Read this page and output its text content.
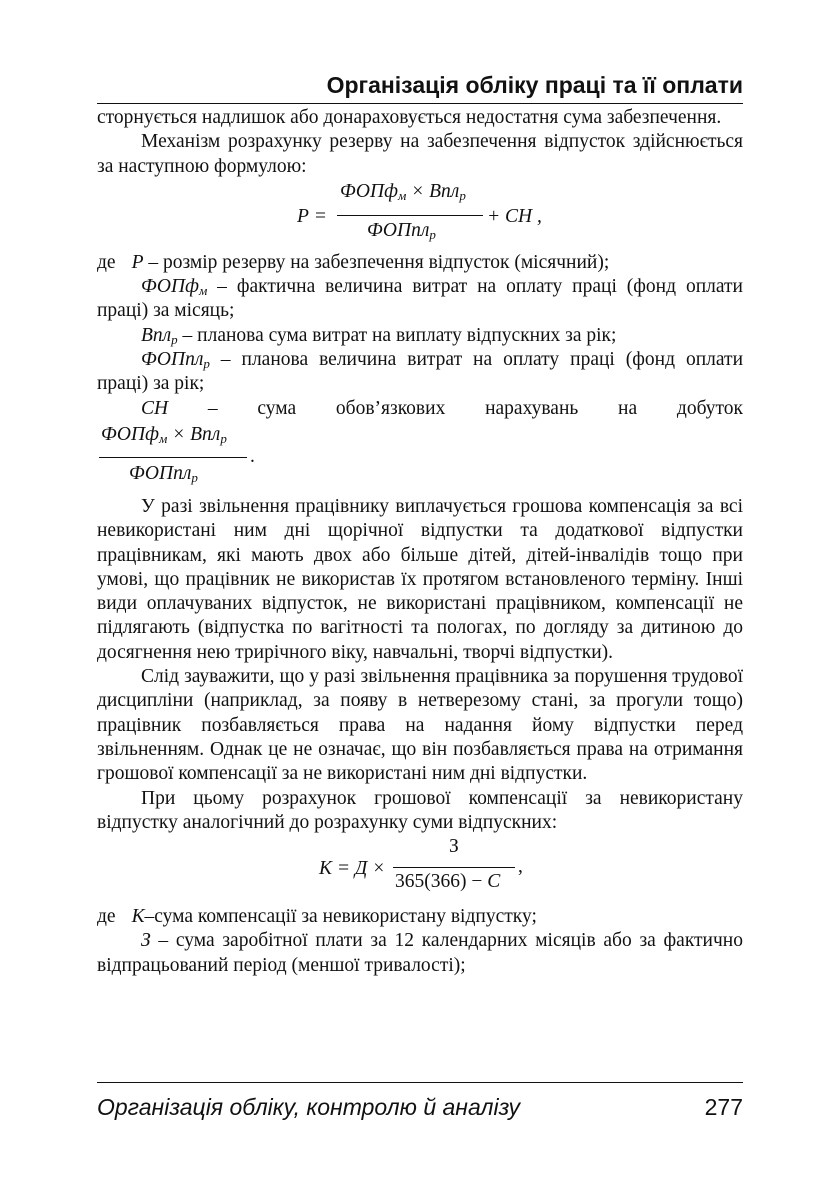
Організація обліку праці та її оплати

сторнується надлишок або донараховується недостатня сума забезпечення.

Механізм розрахунку резерву на забезпечення відпусток здійснюється за наступною формулою:

Р =
ФОПф$_м$ × Впл$_р$
ФОПпл$_р$
+ СН ,

де Р – розмір резерву на забезпечення відпусток (місячний);

ФОПф$_м$ – фактична величина витрат на оплату праці (фонд оплати праці) за місяць;

Впл$_р$ – планова сума витрат на виплату відпускних за рік;

ФОПпл$_р$ – планова величина витрат на оплату праці (фонд оплати праці) за рік;

СН – сума обов’язкових нарахувань на добуток

ФОПф$_м$ × Впл$_р$
ФОПпл$_р$
.

У разі звільнення працівнику виплачується грошова компенсація за всі невикористані ним дні щорічної відпустки та додаткової відпустки працівникам, які мають двох або більше дітей, дітей-інвалідів тощо при умові, що працівник не використав їх протягом встановленого терміну. Інші види оплачуваних відпусток, не використані працівником, компенсації не підлягають (відпустка по вагітності та пологах, по догляду за дитиною до досягнення нею трирічного віку, навчальні, творчі відпустки).

Слід зауважити, що у разі звільнення працівника за порушення трудової дисципліни (наприклад, за появу в нетверезому стані, за прогули тощо) працівник позбавляється права на надання йому відпустки перед звільненням. Однак це не означає, що він позбавляється права на отримання грошової компенсації за не використані ним дні відпустки.

При цьому розрахунок грошової компенсації за невикористану відпустку аналогічний до розрахунку суми відпускних:

К = Д ×
З
365(366) − С
,

де К–сума компенсації за невикористану відпустку;

З – сума заробітної плати за 12 календарних місяців або за фактично відпрацьований період (меншої тривалості);

Організація обліку, контролю й аналізу	277
